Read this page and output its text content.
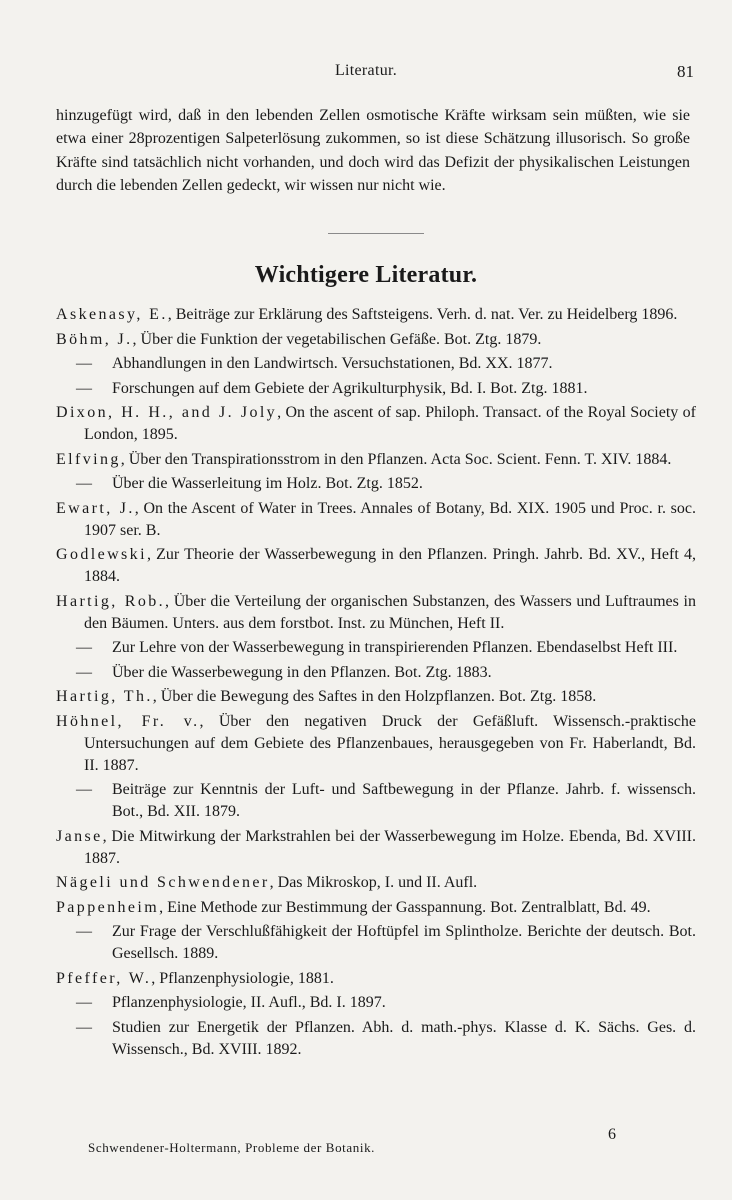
Literatur.	81

hinzugefügt wird, daß in den lebenden Zellen osmotische Kräfte wirksam sein müßten, wie sie etwa einer 28prozentigen Salpeterlösung zukommen, so ist diese Schätzung illusorisch. So große Kräfte sind tatsächlich nicht vorhanden, und doch wird das Defizit der physikalischen Leistungen durch die lebenden Zellen gedeckt, wir wissen nur nicht wie.

Wichtigere Literatur.

Askenasy, E., Beiträge zur Erklärung des Saftsteigens. Verh. d. nat. Ver. zu Heidelberg 1896.

Böhm, J., Über die Funktion der vegetabilischen Gefäße. Bot. Ztg. 1879.

— Abhandlungen in den Landwirtsch. Versuchstationen, Bd. XX. 1877.

— Forschungen auf dem Gebiete der Agrikulturphysik, Bd. I. Bot. Ztg. 1881.

Dixon, H. H., and J. Joly, On the ascent of sap. Philoph. Transact. of the Royal Society of London, 1895.

Elfving, Über den Transpirationsstrom in den Pflanzen. Acta Soc. Scient. Fenn. T. XIV. 1884.

— Über die Wasserleitung im Holz. Bot. Ztg. 1852.

Ewart, J., On the Ascent of Water in Trees. Annales of Botany, Bd. XIX. 1905 und Proc. r. soc. 1907 ser. B.

Godlewski, Zur Theorie der Wasserbewegung in den Pflanzen. Pringh. Jahrb. Bd. XV., Heft 4, 1884.

Hartig, Rob., Über die Verteilung der organischen Substanzen, des Wassers und Luftraumes in den Bäumen. Unters. aus dem forstbot. Inst. zu München, Heft II.

— Zur Lehre von der Wasserbewegung in transpirierenden Pflanzen. Ebendaselbst Heft III.

— Über die Wasserbewegung in den Pflanzen. Bot. Ztg. 1883.

Hartig, Th., Über die Bewegung des Saftes in den Holzpflanzen. Bot. Ztg. 1858.

Höhnel, Fr. v., Über den negativen Druck der Gefäßluft. Wissensch.-praktische Untersuchungen auf dem Gebiete des Pflanzenbaues, herausgegeben von Fr. Haberlandt, Bd. II. 1887.

— Beiträge zur Kenntnis der Luft- und Saftbewegung in der Pflanze. Jahrb. f. wissensch. Bot., Bd. XII. 1879.

Janse, Die Mitwirkung der Markstrahlen bei der Wasserbewegung im Holze. Ebenda, Bd. XVIII. 1887.

Nägeli und Schwendener, Das Mikroskop, I. und II. Aufl.

Pappenheim, Eine Methode zur Bestimmung der Gasspannung. Bot. Zentralblatt, Bd. 49.

— Zur Frage der Verschlußfähigkeit der Hoftüpfel im Splintholze. Berichte der deutsch. Bot. Gesellsch. 1889.

Pfeffer, W., Pflanzenphysiologie, 1881.

— Pflanzenphysiologie, II. Aufl., Bd. I. 1897.

— Studien zur Energetik der Pflanzen. Abh. d. math.-phys. Klasse d. K. Sächs. Ges. d. Wissensch., Bd. XVIII. 1892.

Schwendener-Holtermann, Probleme der Botanik.
6
